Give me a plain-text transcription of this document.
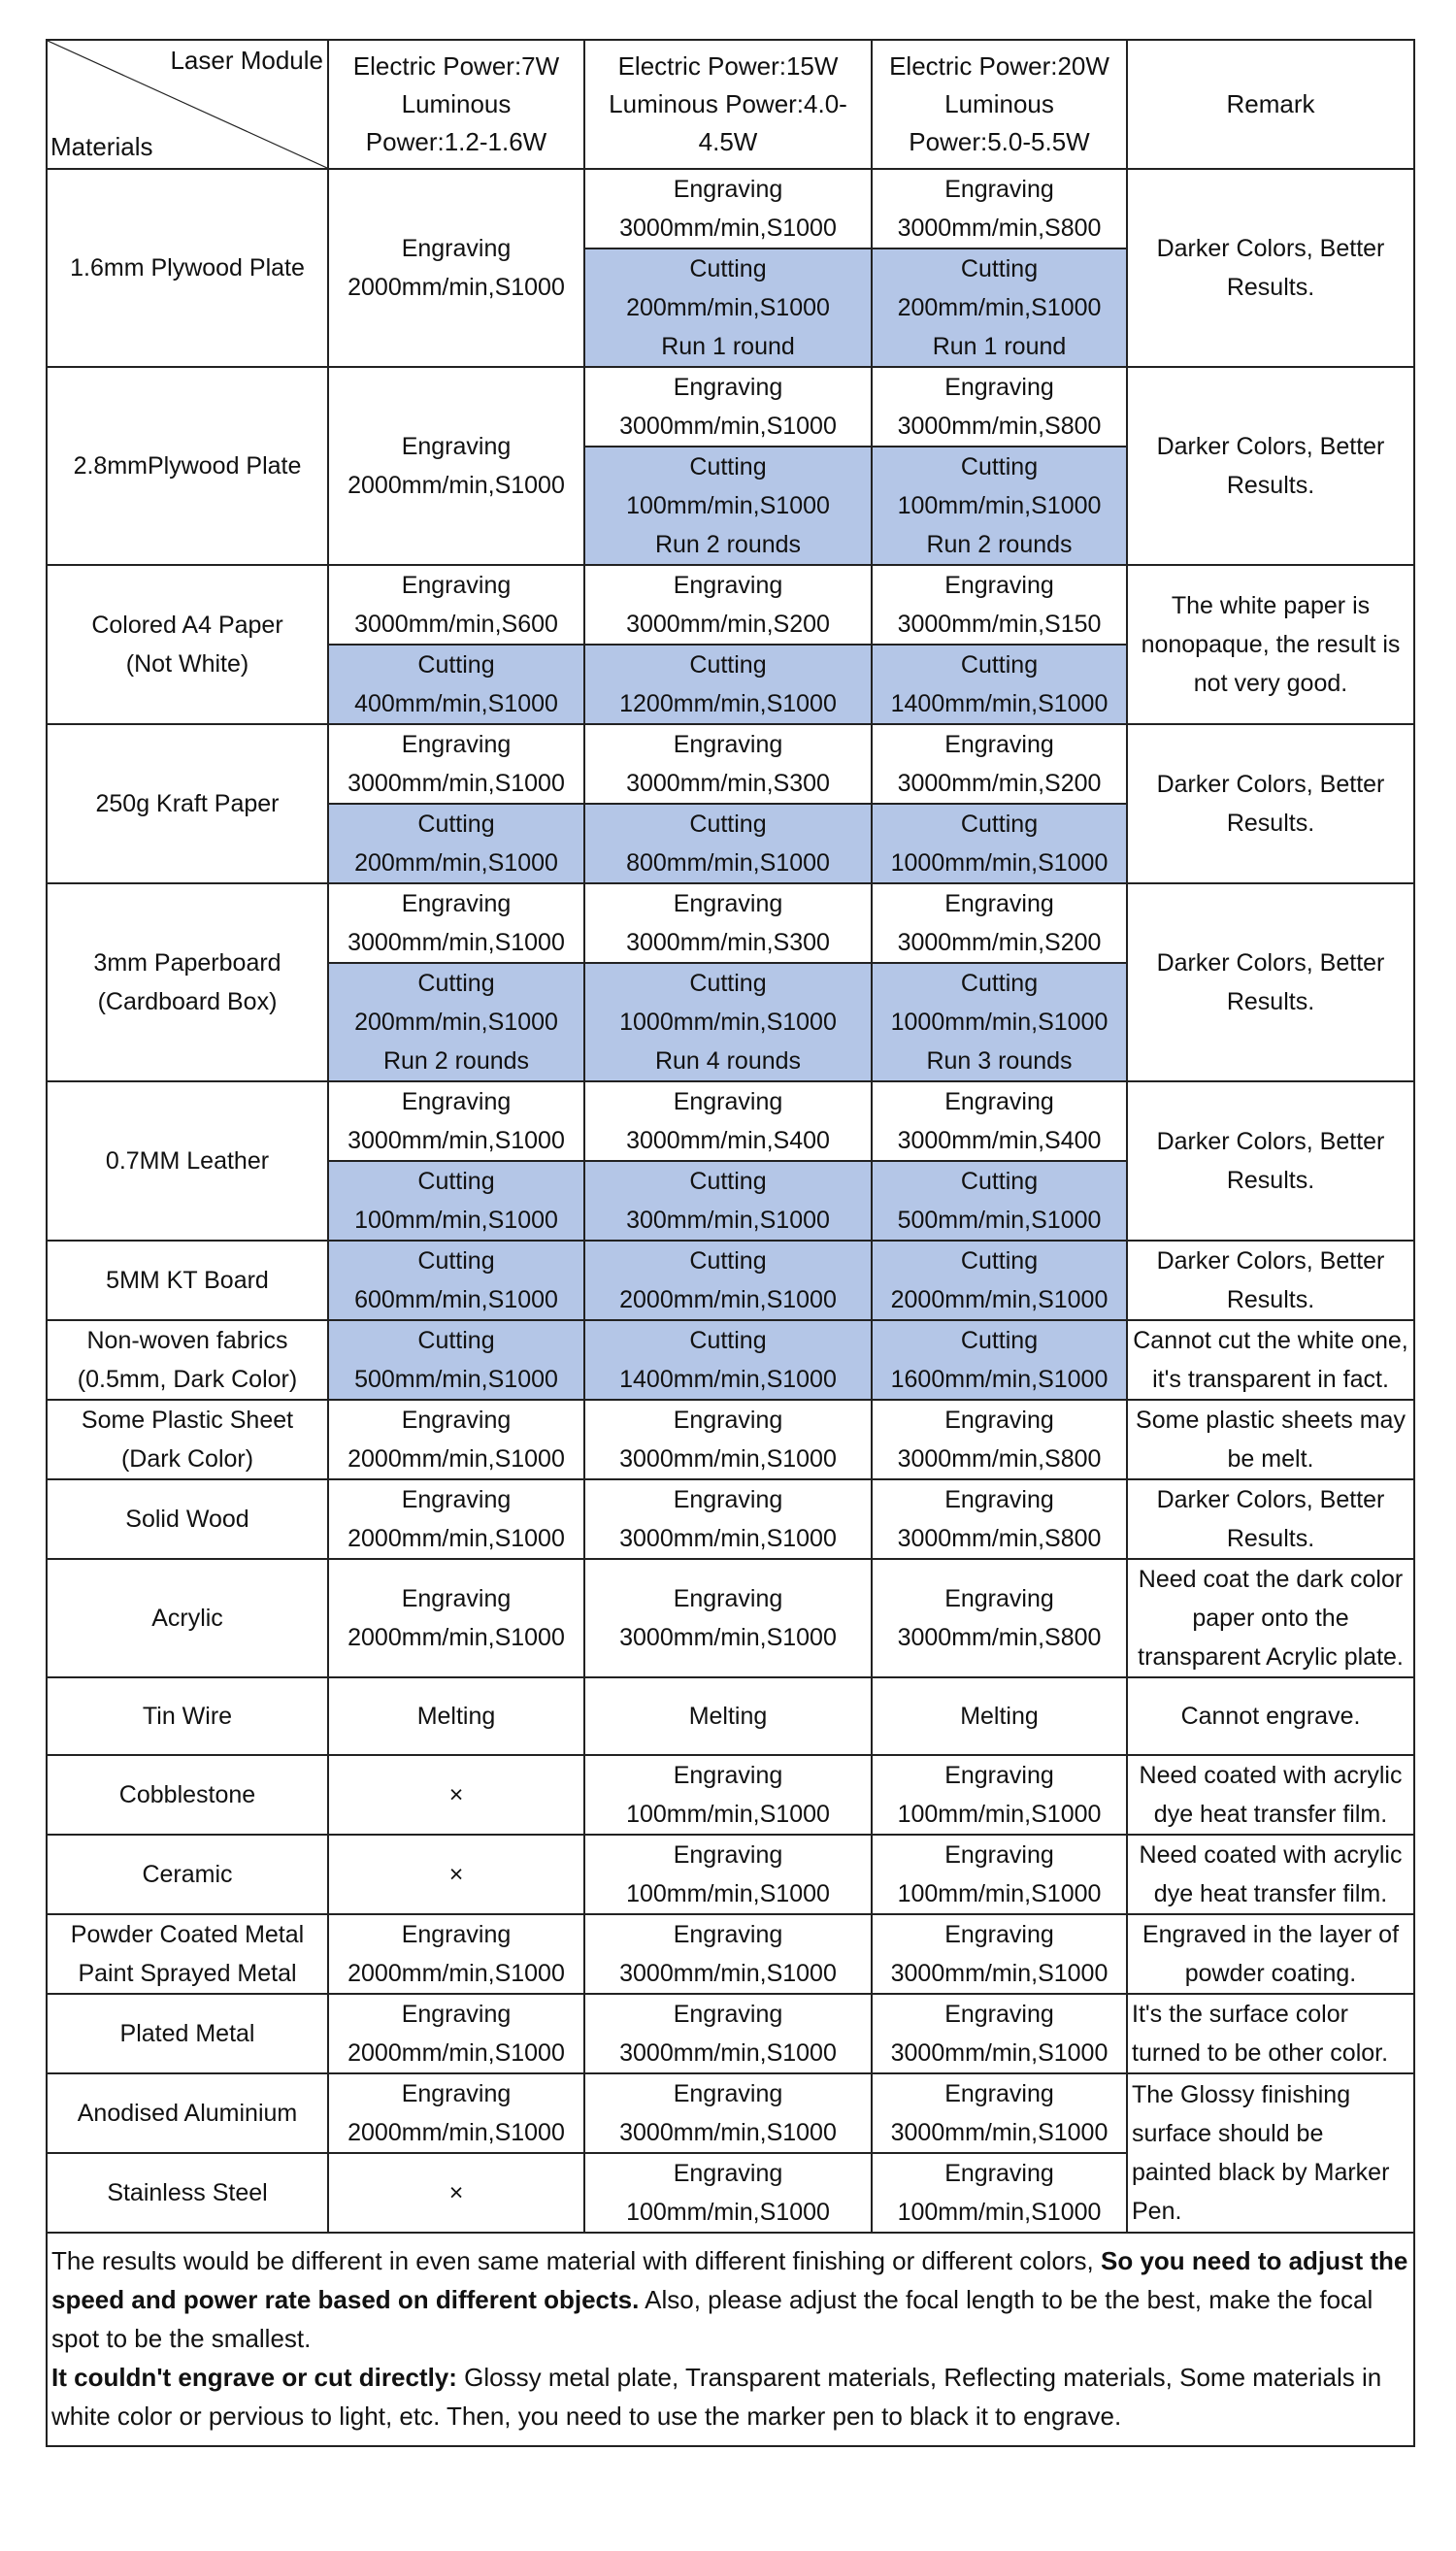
Laser Module
Materials	Electric Power:7W
Luminous
Power:1.2-1.6W	Electric Power:15W
Luminous Power:4.0-
4.5W	Electric Power:20W
Luminous
Power:5.0-5.5W	Remark

1.6mm Plywood Plate	Engraving
2000mm/min,S1000	Engraving
3000mm/min,S1000	Engraving
3000mm/min,S800	Darker Colors, Better
Results.

		Cutting
200mm/min,S1000
Run 1 round	Cutting
200mm/min,S1000
Run 1 round	

2.8mmPlywood Plate	Engraving
2000mm/min,S1000	Engraving
3000mm/min,S1000	Engraving
3000mm/min,S800	Darker Colors, Better
Results.

		Cutting
100mm/min,S1000
Run 2 rounds	Cutting
100mm/min,S1000
Run 2 rounds	

Colored A4 Paper
(Not White)	Engraving
3000mm/min,S600	Engraving
3000mm/min,S200	Engraving
3000mm/min,S150	The white paper is
nonopaque, the result is
not very good.

	Cutting
400mm/min,S1000	Cutting
1200mm/min,S1000	Cutting
1400mm/min,S1000	

250g Kraft Paper	Engraving
3000mm/min,S1000	Engraving
3000mm/min,S300	Engraving
3000mm/min,S200	Darker Colors, Better
Results.

	Cutting
200mm/min,S1000	Cutting
800mm/min,S1000	Cutting
1000mm/min,S1000	

3mm Paperboard
(Cardboard Box)	Engraving
3000mm/min,S1000	Engraving
3000mm/min,S300	Engraving
3000mm/min,S200	Darker Colors, Better
Results.

	Cutting
200mm/min,S1000
Run 2 rounds	Cutting
1000mm/min,S1000
Run 4 rounds	Cutting
1000mm/min,S1000
Run 3 rounds	

0.7MM Leather	Engraving
3000mm/min,S1000	Engraving
3000mm/min,S400	Engraving
3000mm/min,S400	Darker Colors, Better
Results.

	Cutting
100mm/min,S1000	Cutting
300mm/min,S1000	Cutting
500mm/min,S1000	

5MM KT Board	Cutting
600mm/min,S1000	Cutting
2000mm/min,S1000	Cutting
2000mm/min,S1000	Darker Colors, Better
Results.

Non-woven fabrics
(0.5mm, Dark Color)	Cutting
500mm/min,S1000	Cutting
1400mm/min,S1000	Cutting
1600mm/min,S1000	Cannot cut the white one,
it's transparent in fact.

Some Plastic Sheet
(Dark Color)	Engraving
2000mm/min,S1000	Engraving
3000mm/min,S1000	Engraving
3000mm/min,S800	Some plastic sheets may
be melt.

Solid Wood	Engraving
2000mm/min,S1000	Engraving
3000mm/min,S1000	Engraving
3000mm/min,S800	Darker Colors, Better
Results.

Acrylic	Engraving
2000mm/min,S1000	Engraving
3000mm/min,S1000	Engraving
3000mm/min,S800	Need coat the dark color
paper onto the
transparent Acrylic plate.

Tin Wire	Melting	Melting	Melting	Cannot engrave.

Cobblestone	×	Engraving
100mm/min,S1000	Engraving
100mm/min,S1000	Need coated with acrylic
dye heat transfer film.

Ceramic	×	Engraving
100mm/min,S1000	Engraving
100mm/min,S1000	Need coated with acrylic
dye heat transfer film.

Powder Coated Metal
Paint Sprayed Metal	Engraving
2000mm/min,S1000	Engraving
3000mm/min,S1000	Engraving
3000mm/min,S1000	Engraved in the layer of
powder coating.

Plated Metal	Engraving
2000mm/min,S1000	Engraving
3000mm/min,S1000	Engraving
3000mm/min,S1000	It's the surface color
turned to be other color.

Anodised Aluminium	Engraving
2000mm/min,S1000	Engraving
3000mm/min,S1000	Engraving
3000mm/min,S1000	The Glossy finishing
surface should be
painted black by Marker
Pen.

Stainless Steel	×	Engraving
100mm/min,S1000	Engraving
100mm/min,S1000	

The results would be different in even same material with different finishing or different colors, So you need to adjust the speed and power rate based on different objects. Also, please adjust the focal length to be the best, make the focal spot to be the smallest.

It couldn't engrave or cut directly: Glossy metal plate, Transparent materials, Reflecting materials, Some materials in white color or pervious to light, etc. Then, you need to use the marker pen to black it to engrave.				
